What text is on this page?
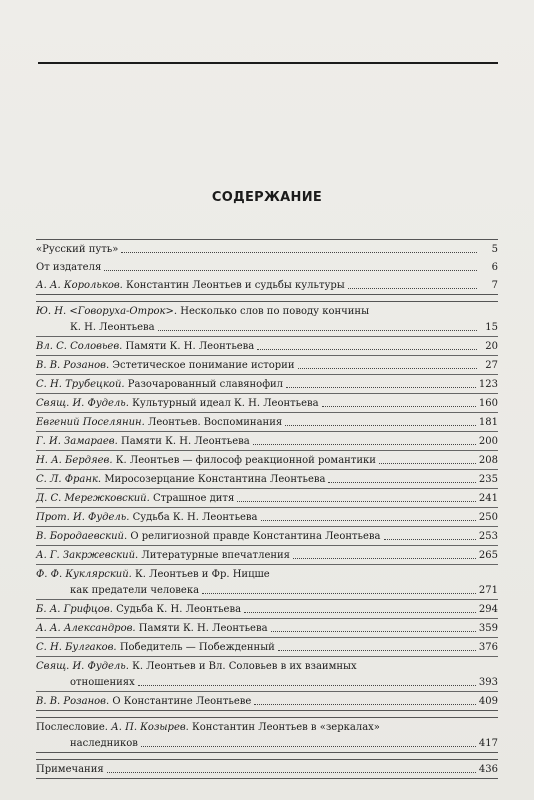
СОДЕРЖАНИЕ
«Русский путь»	5
От издателя	6
А. А. Корольков.
Константин Леонтьев и судьбы культуры	7
Ю. Н. <Говоруха-Отрок>.
Несколько слов по поводу кончины
К. Н. Леонтьева	15
Вл. С. Соловьев.
Памяти К. Н. Леонтьева	20
В. В. Розанов.
Эстетическое понимание истории	27
С. Н. Трубецкой.
Разочарованный славянофил	123
Свящ. И. Фудель.
Культурный идеал К. Н. Леонтьева	160
Евгений Поселянин.
Леонтьев. Воспоминания	181
Г. И. Замараев.
Памяти К. Н. Леонтьева	200
Н. А. Бердяев.
К. Леонтьев — философ реакционной романтики	208
С. Л. Франк.
Миросозерцание Константина Леонтьева	235
Д. С. Мережковский.
Страшное дитя	241
Прот. И. Фудель.
Судьба К. Н. Леонтьева	250
В. Бородаевский.
О религиозной правде Константина Леонтьева	253
А. Г. Закржевский.
Литературные впечатления	265
Ф. Ф. Куклярский.
К. Леонтьев и Фр. Ницше
как предатели человека	271
Б. А. Грифцов.
Судьба К. Н. Леонтьева	294
А. А. Александров.
Памяти К. Н. Леонтьева	359
С. Н. Булгаков.
Победитель — Побежденный	376
Свящ. И. Фудель.
К. Леонтьев и Вл. Соловьев в их взаимных
отношениях	393
В. В. Розанов.
О Константине Леонтьеве	409
Послесловие.
А. П. Козырев.
Константин Леонтьев в «зеркалах»
наследников	417
Примечания	436
